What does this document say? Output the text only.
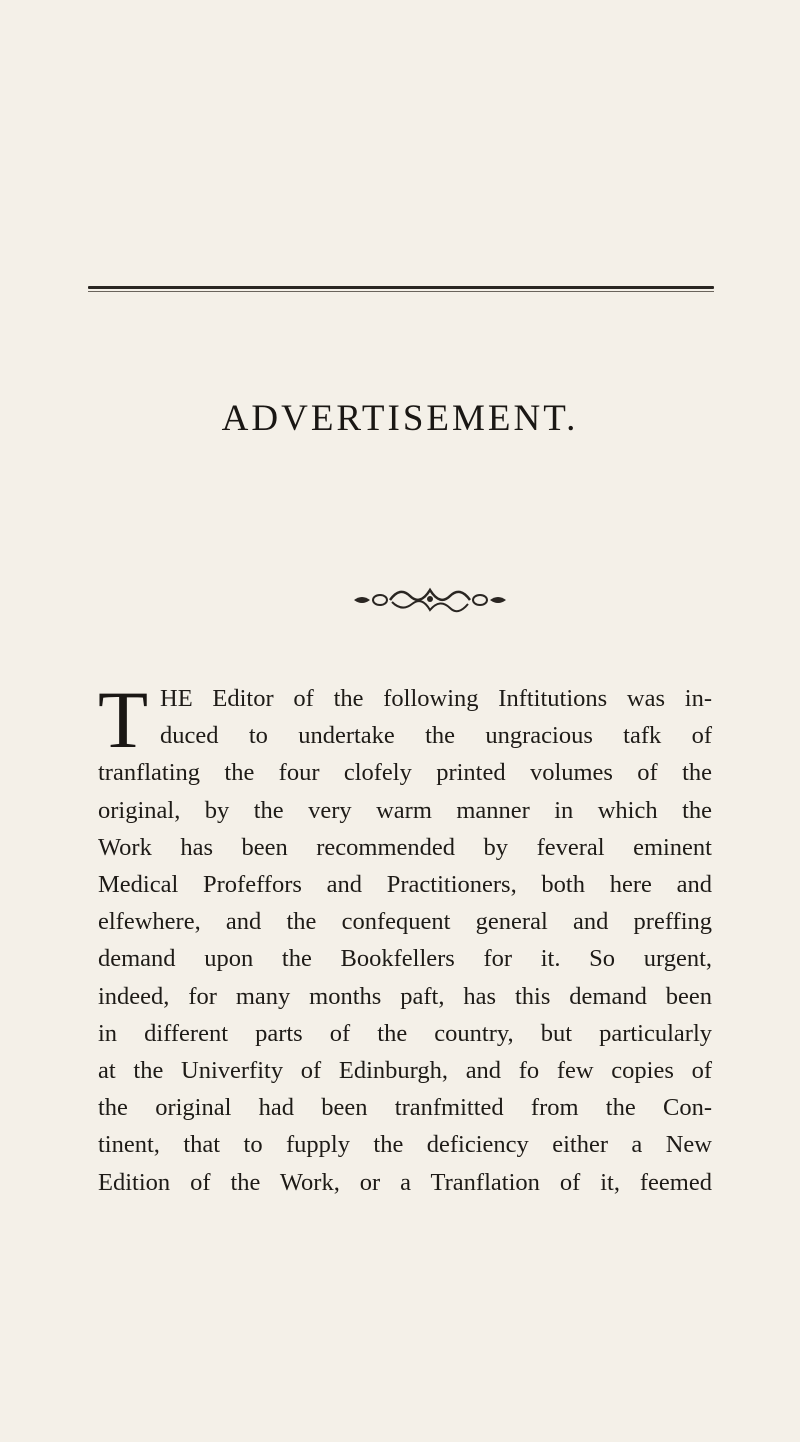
ADVERTISEMENT.
T HE Editor of the following Inftitutions was in-
duced to undertake the ungracious tafk of
tranflating the four clofely printed volumes of the
original, by the very warm manner in which the
Work has been recommended by feveral eminent
Medical Profeffors and Practitioners, both here and
elfewhere, and the confequent general and preffing
demand upon the Bookfellers for it. So urgent,
indeed, for many months paft, has this demand been
in different parts of the country, but particularly
at the Univerfity of Edinburgh, and fo few copies of
the original had been tranfmitted from the Con-
tinent, that to fupply the deficiency either a New
Edition of the Work, or a Tranflation of it, feemed
